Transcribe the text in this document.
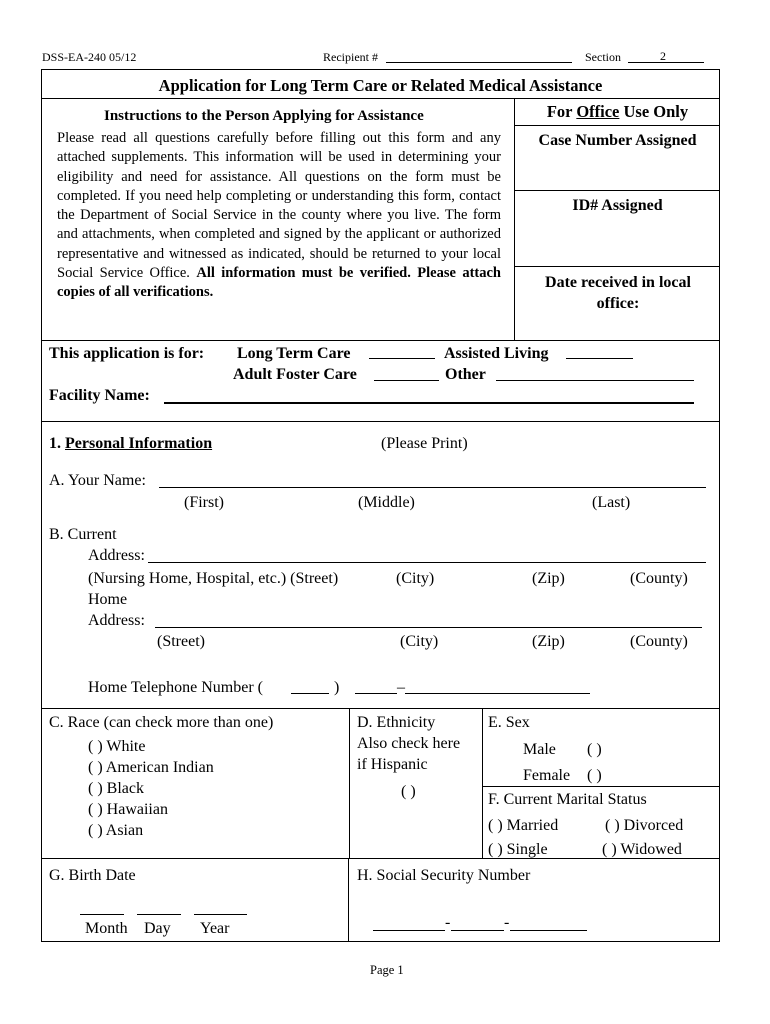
DSS-EA-240 05/12	Recipient #	Section	2
Application for Long Term Care or Related Medical Assistance
Instructions to the Person Applying for Assistance
Please read all questions carefully before filling out this form and any attached supplements. This information will be used in determining your eligibility and need for assistance. All questions on the form must be completed. If you need help completing or understanding this form, contact the Department of Social Service in the county where you live. The form and attachments, when completed and signed by the applicant or authorized representative and witnessed as indicated, should be returned to your local Social Service Office. All information must be verified. Please attach copies of all verifications.
For Office Use Only
Case Number Assigned
ID# Assigned
Date received in local office:
This application is for: Long Term Care	Assisted Living
Adult Foster Care	Other
Facility Name:
1. Personal Information	(Please Print)
A. Your Name:
(First)	(Middle)	(Last)
B. Current
Address:
(Nursing Home, Hospital, etc.) (Street)	(City)	(Zip)	(County)
Home
Address:
(Street)	(City)	(Zip)	(County)
Home Telephone Number (	)	–
C. Race (can check more than one)
( ) White
( ) American Indian
( ) Black
( ) Hawaiian
( ) Asian
D. Ethnicity
Also check here
if Hispanic
( )
E. Sex
Male ( )
Female ( )
F. Current Marital Status
( ) Married	( ) Divorced
( ) Single	( ) Widowed
G. Birth Date
Month Day Year
H. Social Security Number
-	-
Page 1
